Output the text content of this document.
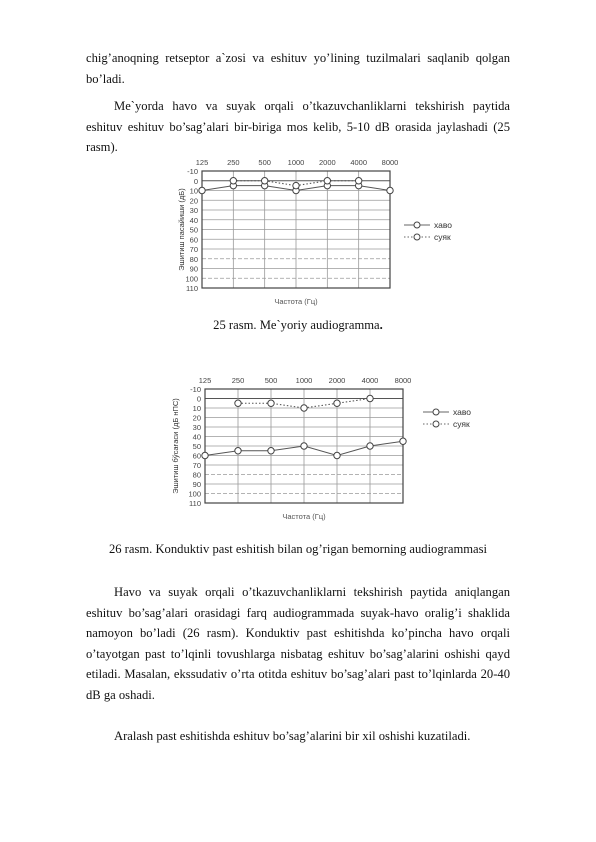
chig’anoqning retseptor a`zosi va eshituv yo’lining tuzilmalari saqlanib qolgan bo’ladi.

Me`yorda havo va suyak orqali o’tkazuvchanliklarni tekshirish paytida eshituv eshituv bo’sag’alari bir-biriga mos kelib, 5-10 dB orasida jaylashadi (25 rasm).

-10
0
10
20
30
40
50
60
70
80
90
100
110
125	250	500 1000 2000 4000 8000
Частота (Гц)
Эшитиш пасайиши (дБ)	хаво
суяк

25 rasm. Me`yoriy audiogramma.

-10
0
10
20
30
40
50
60
70
80
90
100
110
125	250	500 1000 2000 4000 8000
Частота (Гц)
Эшитиш бўсағаси (дБ нПС)	хаво
суяк

26 rasm. Konduktiv past eshitish bilan og’rigan bemorning audiogrammasi

Havo va suyak orqali o’tkazuvchanliklarni tekshirish paytida aniqlangan eshituv bo’sag’alari orasidagi farq audiogrammada suyak-havo oralig’i shaklida namoyon bo’ladi (26 rasm). Konduktiv past eshitishda ko’pincha havo orqali o’tayotgan past to’lqinli tovushlarga nisbatag eshituv bo’sag’alarini oshishi qayd etiladi. Masalan, ekssudativ o’rta otitda eshituv bo’sag’alari past to’lqinlarda 20-40 dB ga oshadi.

Aralash past eshitishda eshituv bo’sag’alarini bir xil oshishi kuzatiladi.
